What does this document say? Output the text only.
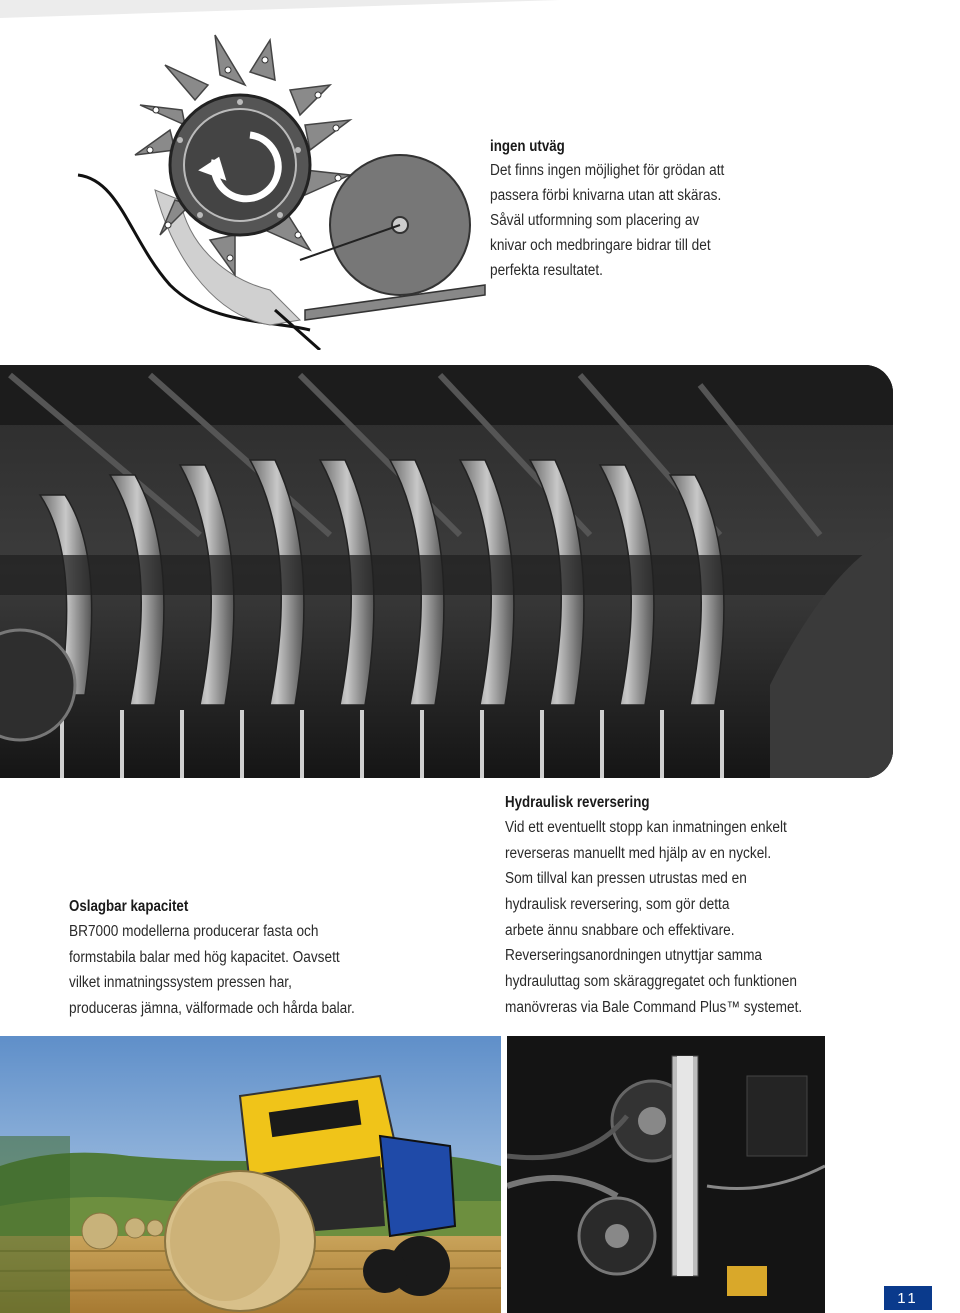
ingen utväg
Det finns ingen möjlighet för grödan att
passera förbi knivarna utan att skäras.
Såväl utformning som placering av
knivar och medbringare bidrar till det
perfekta resultatet.
Oslagbar kapacitet
BR7000 modellerna producerar fasta och
formstabila balar med hög kapacitet. Oavsett
vilket inmatningssystem pressen har,
produceras jämna, välformade och hårda balar.
Hydraulisk reversering
Vid ett eventuellt stopp kan inmatningen enkelt
reverseras manuellt med hjälp av en nyckel.
Som tillval kan pressen utrustas med en
hydraulisk reversering, som gör detta
arbete ännu snabbare och effektivare.
Reverseringsanordningen utnyttjar samma
hydrauluttag som skäraggregatet och funktionen
manövreras via Bale Command Plus™ systemet.
11
